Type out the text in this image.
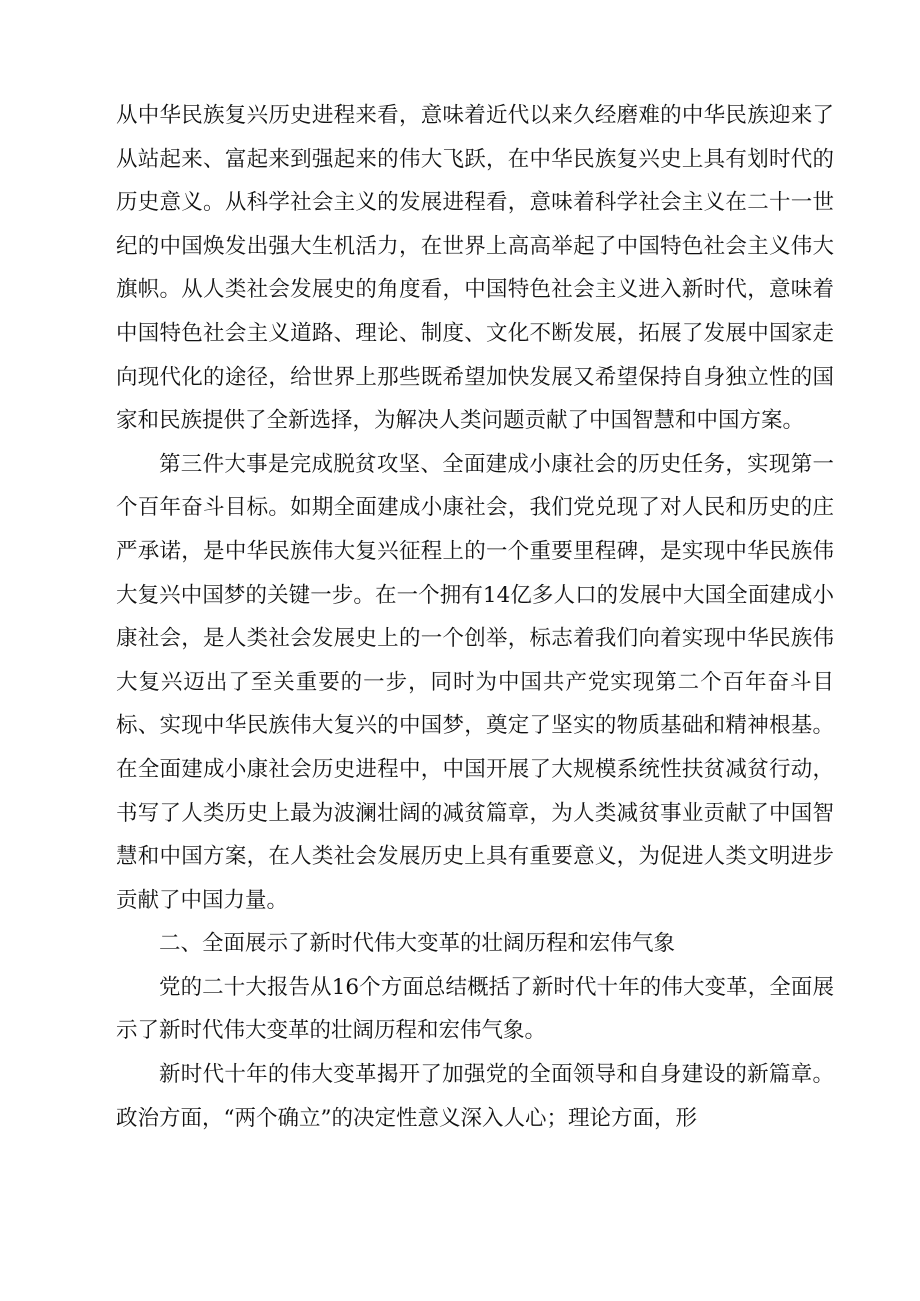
从中华民族复兴历史进程来看，意味着近代以来久经磨难的中华民族迎来了从站起来、富起来到强起来的伟大飞跃，在中华民族复兴史上具有划时代的历史意义。从科学社会主义的发展进程看，意味着科学社会主义在二十一世纪的中国焕发出强大生机活力，在世界上高高举起了中国特色社会主义伟大旗帜。从人类社会发展史的角度看，中国特色社会主义进入新时代，意味着中国特色社会主义道路、理论、制度、文化不断发展，拓展了发展中国家走向现代化的途径，给世界上那些既希望加快发展又希望保持自身独立性的国家和民族提供了全新选择，为解决人类问题贡献了中国智慧和中国方案。

第三件大事是完成脱贫攻坚、全面建成小康社会的历史任务，实现第一个百年奋斗目标。如期全面建成小康社会，我们党兑现了对人民和历史的庄严承诺，是中华民族伟大复兴征程上的一个重要里程碑，是实现中华民族伟大复兴中国梦的关键一步。在一个拥有14亿多人口的发展中大国全面建成小康社会，是人类社会发展史上的一个创举，标志着我们向着实现中华民族伟大复兴迈出了至关重要的一步，同时为中国共产党实现第二个百年奋斗目标、实现中华民族伟大复兴的中国梦，奠定了坚实的物质基础和精神根基。在全面建成小康社会历史进程中，中国开展了大规模系统性扶贫减贫行动，书写了人类历史上最为波澜壮阔的减贫篇章，为人类减贫事业贡献了中国智慧和中国方案，在人类社会发展历史上具有重要意义，为促进人类文明进步贡献了中国力量。

二、全面展示了新时代伟大变革的壮阔历程和宏伟气象

党的二十大报告从16个方面总结概括了新时代十年的伟大变革，全面展示了新时代伟大变革的壮阔历程和宏伟气象。

新时代十年的伟大变革揭开了加强党的全面领导和自身建设的新篇章。政治方面，“两个确立”的决定性意义深入人心；理论方面，形
